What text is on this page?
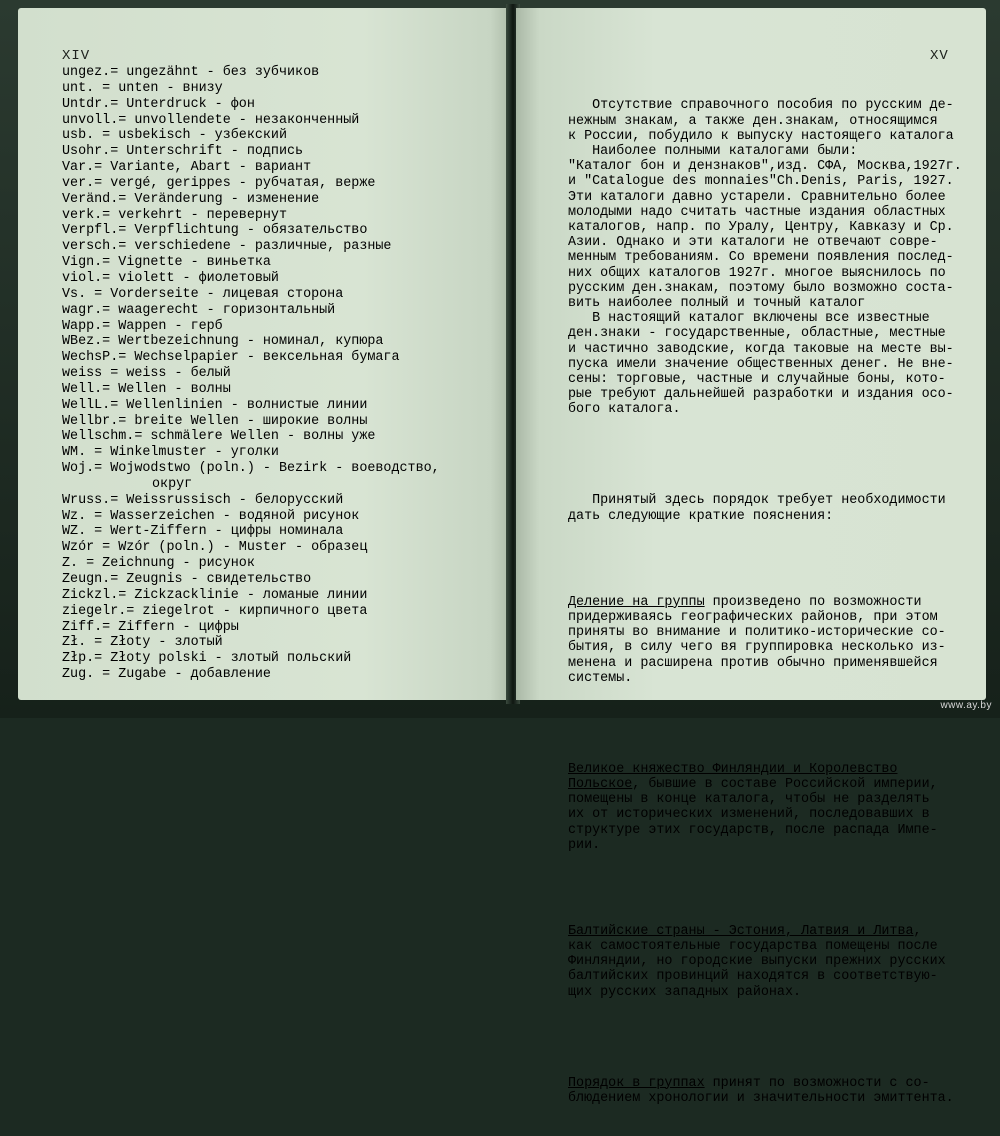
XIV	XV
ungez.= ungezähnt - без зубчиков
unt. = unten - внизу
Untdr.= Unterdruck - фон
unvoll.= unvollendete - незаконченный
usb. = usbekisch - узбекский
Usohr.= Unterschrift - подпись
Var.= Variante, Abart - вариант
ver.= vergé, gerippes - рубчатая, верже
Veränd.= Veränderung - изменение
verk.= verkehrt - перевернут
Verpfl.= Verpflichtung - обязательство
versch.= verschiedene - различные, разные
Vign.= Vignette - виньетка
viol.= violett - фиолетовый
Vs. = Vorderseite - лицевая сторона
wagr.= waagerecht - горизонтальный
Wapp.= Wappen - герб
WBez.= Wertbezeichnung - номинал, купюра
WechsP.= Wechselpapier - вексельная бумага
weiss = weiss - белый
Well.= Wellen - волны
WellL.= Wellenlinien - волнистые линии
Wellbr.= breite Wellen - широкие волны
Wellschm.= schmälere Wellen - волны уже
WM. = Winkelmuster - уголки
Woj.= Wojwodstwo (poln.) - Bezirk - воеводство,
округ
Wruss.= Weissrussisch - белорусский
Wz. = Wasserzeichen - водяной рисунок
WZ. = Wert-Ziffern - цифры номинала
Wzór = Wzór (poln.) - Muster - образец
Z. = Zeichnung - рисунок
Zeugn.= Zeugnis - свидетельство
Zickzl.= Zickzacklinie - ломаные линии
ziegelr.= ziegelrot - кирпичного цвета
Ziff.= Ziffern - цифры
Zł. = Złoty - злотый
Złp.= Złoty polski - злотый польский
Zug. = Zugabe - добавление

Отсутствие справочного пособия по русским де-
нежным знакам, а также ден.знакам, относящимся
к России, побудило к выпуску настоящего каталога
Наиболее полными каталогами были:
"Каталог бон и дензнаков",изд. СФА, Москва,1927г.
и "Catalogue des monnaies"Ch.Denis, Paris, 1927.
Эти каталоги давно устарели. Сравнительно более
молодыми надо считать частные издания областных
каталогов, напр. по Уралу, Центру, Кавказу и Ср.
Азии. Однако и эти каталоги не отвечают совре-
менным требованиям. Со времени появления послед-
них общих каталогов 1927г. многое выяснилось по
русским ден.знакам, поэтому было возможно соста-
вить наиболее полный и точный каталог
В настоящий каталог включены все известные
ден.знаки - государственные, областные, местные
и частично заводские, когда таковые на месте вы-
пуска имели значение общественных денег. Не вне-
сены: торговые, частные и случайные боны, кото-
рые требуют дальнейшей разработки и издания осо-
бого каталога.

Принятый здесь порядок требует необходимости
дать следующие краткие пояснения:

Деление на группы произведено по возможности
придерживаясь географических районов, при этом
приняты во внимание и политико-исторические со-
бытия, в силу чего вя группировка несколько из-
менена и расширена против обычно применявшейся
системы.

Великое княжество Финляндии и Королевство
Польское, бывшие в составе Российской империи,
помещены в конце каталога, чтобы не разделять
их от исторических изменений, последовавших в
структуре этих государств, после распада Импе-
рии.

Балтийские страны - Эстония, Латвия и Литва,
как самостоятельные государства помещены после
Финляндии, но городские выпуски прежних русских
балтийских провинций находятся в соответствую-
щих русских западных районах.

Порядок в группах принят по возможности с со-
блюдением хронологии и значительности эмиттента.

www.ay.by
